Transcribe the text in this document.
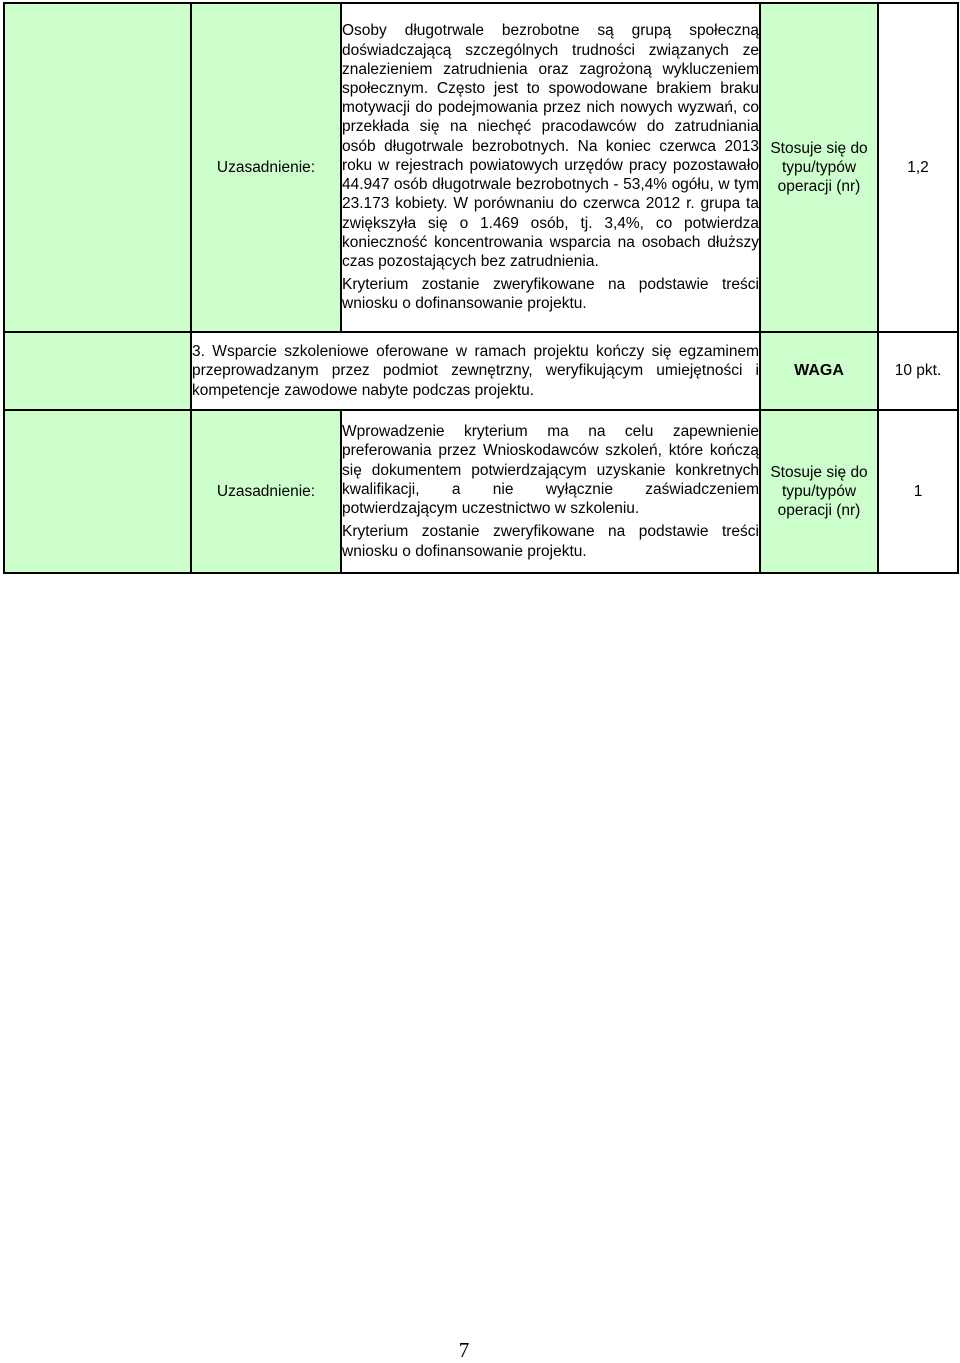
	Uzasadnienie:	Osoby długotrwale bezrobotne są grupą społeczną doświadczającą szczególnych trudności związanych ze znalezieniem zatrudnienia oraz zagrożoną wykluczeniem społecznym. Często jest to spowodowane brakiem braku motywacji do podejmowania przez nich nowych wyzwań, co przekłada się na niechęć pracodawców do zatrudniania osób długotrwale bezrobotnych. Na koniec czerwca 2013 roku w rejestrach powiatowych urzędów pracy pozostawało 44.947 osób długotrwale bezrobotnych - 53,4% ogółu, w tym 23.173 kobiety. W porównaniu do czerwca 2012 r. grupa ta zwiększyła się o 1.469 osób, tj. 3,4%, co potwierdza konieczność koncentrowania wsparcia na osobach dłuższy czas pozostających bez zatrudnienia.

Kryterium zostanie zweryfikowane na podstawie treści wniosku o dofinansowanie projektu.	Stosuje się do typu/typów operacji (nr)	1,2
	3. Wsparcie szkoleniowe oferowane w ramach projektu kończy się egzaminem przeprowadzanym przez podmiot zewnętrzny, weryfikującym umiejętności i kompetencje zawodowe nabyte podczas projektu.		WAGA	10 pkt.
	Uzasadnienie:	Wprowadzenie kryterium ma na celu zapewnienie preferowania przez Wnioskodawców szkoleń, które kończą się dokumentem potwierdzającym uzyskanie konkretnych kwalifikacji, a nie wyłącznie zaświadczeniem potwierdzającym uczestnictwo w szkoleniu.

Kryterium zostanie zweryfikowane na podstawie treści wniosku o dofinansowanie projektu.	Stosuje się do typu/typów operacji (nr)	1
7
